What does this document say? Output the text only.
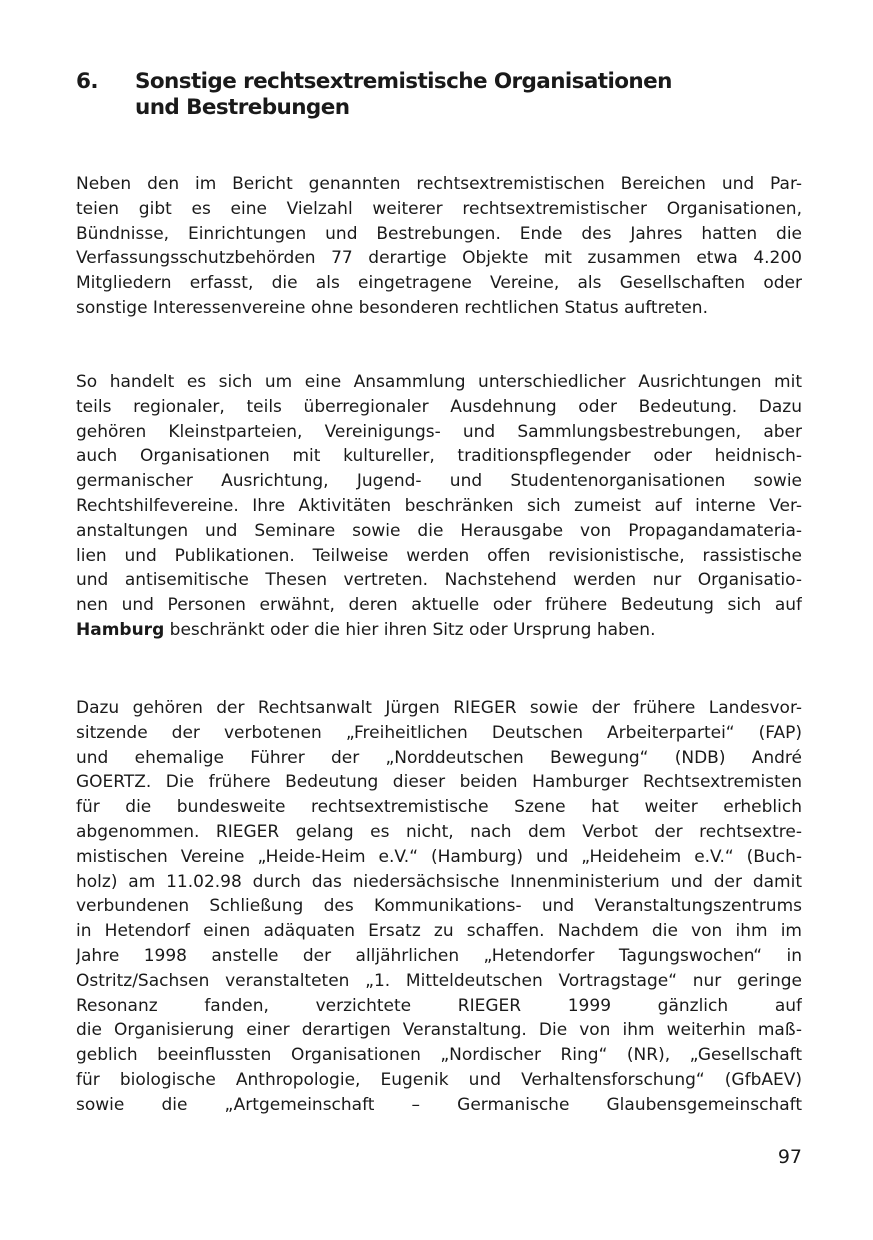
6. Sonstige rechtsextremistische Organisationen
und Bestrebungen
Neben den im Bericht genannten rechtsextremistischen Bereichen und Par-
teien gibt es eine Vielzahl weiterer rechtsextremistischer Organisationen,
Bündnisse, Einrichtungen und Bestrebungen. Ende des Jahres hatten die
Verfassungsschutzbehörden 77 derartige Objekte mit zusammen etwa 4.200
Mitgliedern erfasst, die als eingetragene Vereine, als Gesellschaften oder
sonstige Interessenvereine ohne besonderen rechtlichen Status auftreten.
So handelt es sich um eine Ansammlung unterschiedlicher Ausrichtungen mit
teils regionaler, teils überregionaler Ausdehnung oder Bedeutung. Dazu
gehören Kleinstparteien, Vereinigungs- und Sammlungsbestrebungen, aber
auch Organisationen mit kultureller, traditionspflegender oder heidnisch-
germanischer Ausrichtung, Jugend- und Studentenorganisationen sowie
Rechtshilfevereine. Ihre Aktivitäten beschränken sich zumeist auf interne Ver-
anstaltungen und Seminare sowie die Herausgabe von Propagandamateria-
lien und Publikationen. Teilweise werden offen revisionistische, rassistische
und antisemitische Thesen vertreten. Nachstehend werden nur Organisatio-
nen und Personen erwähnt, deren aktuelle oder frühere Bedeutung sich auf
Hamburg beschränkt oder die hier ihren Sitz oder Ursprung haben.
Dazu gehören der Rechtsanwalt Jürgen RIEGER sowie der frühere Landesvor-
sitzende der verbotenen „Freiheitlichen Deutschen Arbeiterpartei“ (FAP)
und ehemalige Führer der „Norddeutschen Bewegung“ (NDB) André
GOERTZ. Die frühere Bedeutung dieser beiden Hamburger Rechtsextremisten
für die bundesweite rechtsextremistische Szene hat weiter erheblich
abgenommen. RIEGER gelang es nicht, nach dem Verbot der rechtsextre-
mistischen Vereine „Heide-Heim e.V.“ (Hamburg) und „Heideheim e.V.“ (Buch-
holz) am 11.02.98 durch das niedersächsische Innenministerium und der damit
verbundenen Schließung des Kommunikations- und Veranstaltungszentrums
in Hetendorf einen adäquaten Ersatz zu schaffen. Nachdem die von ihm im
Jahre 1998 anstelle der alljährlichen „Hetendorfer Tagungswochen“ in
Ostritz/Sachsen veranstalteten „1. Mitteldeutschen Vortragstage“ nur geringe
Resonanz fanden, verzichtete RIEGER 1999 gänzlich auf
die Organisierung einer derartigen Veranstaltung. Die von ihm weiterhin maß-
geblich beeinflussten Organisationen „Nordischer Ring“ (NR), „Gesellschaft
für biologische Anthropologie, Eugenik und Verhaltensforschung“ (GfbAEV)
sowie die „Artgemeinschaft – Germanische Glaubensgemeinschaft
97
